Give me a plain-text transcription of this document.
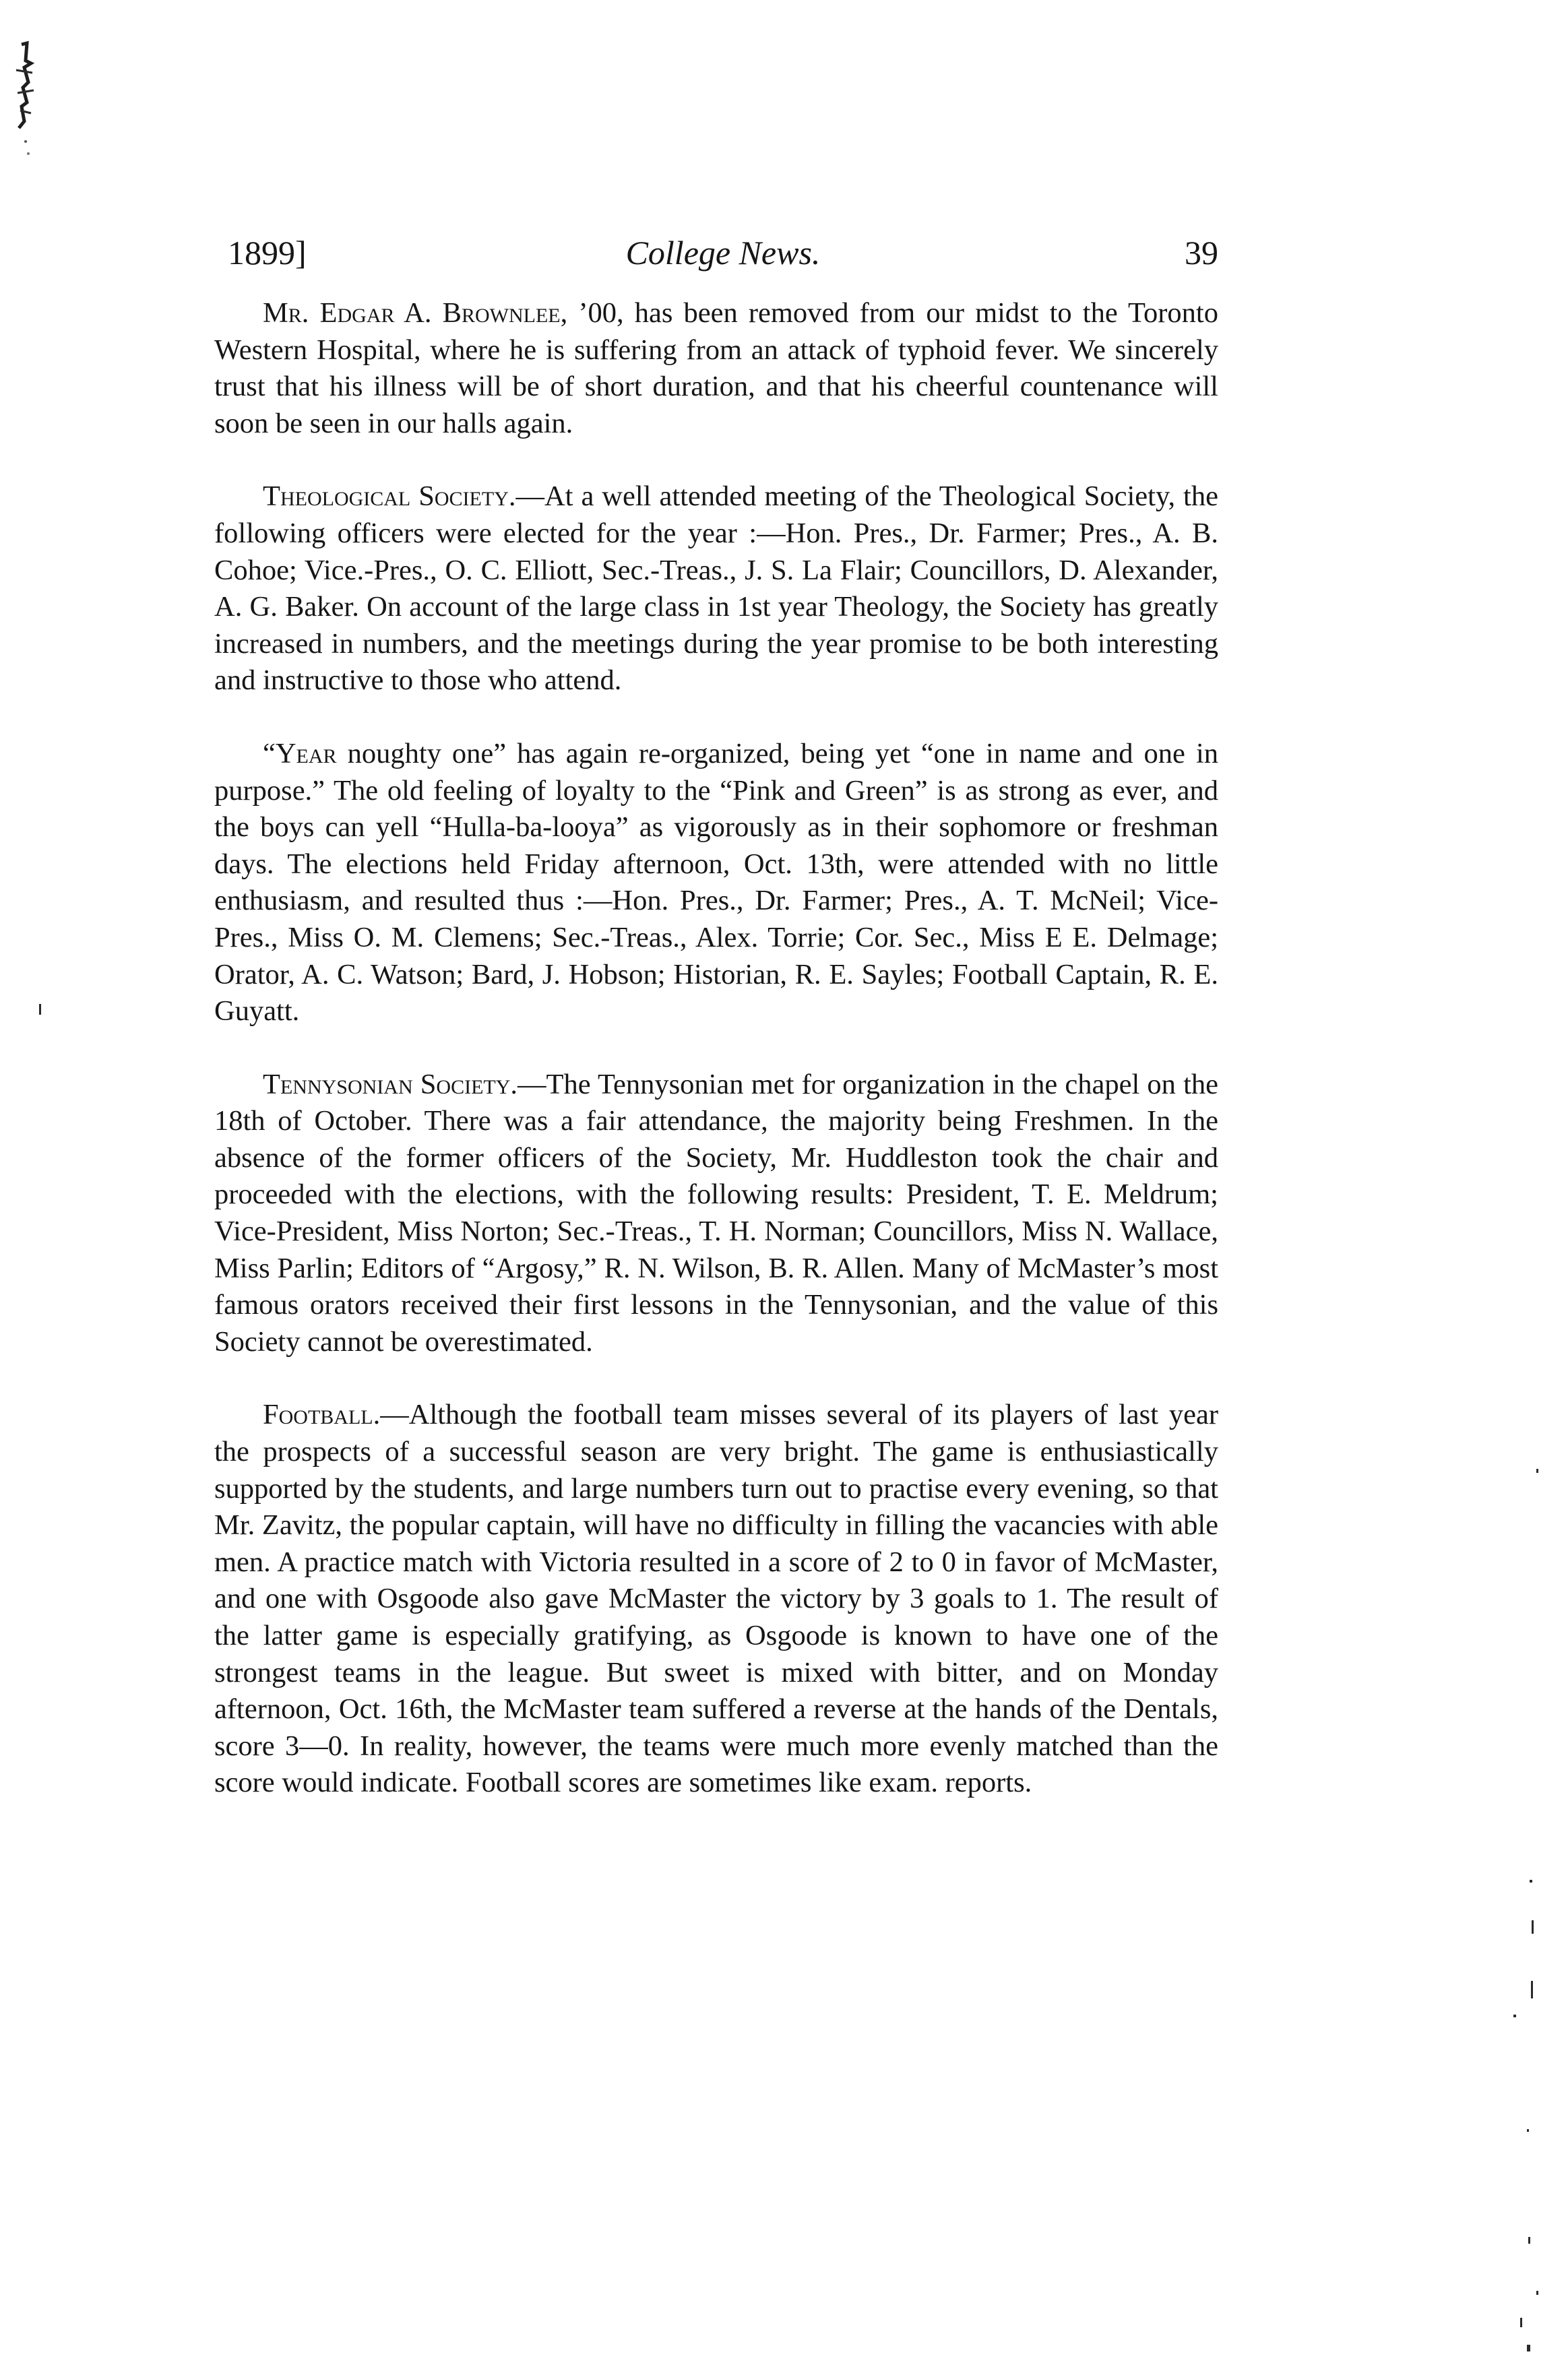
1899]	College News.	39

Mr. Edgar A. Brownlee, ’00, has been removed from our midst to the Toronto Western Hospital, where he is suffering from an attack of typhoid fever. We sincerely trust that his illness will be of short duration, and that his cheerful countenance will soon be seen in our halls again.

Theological Society.—At a well attended meeting of the Theological Society, the following officers were elected for the year :—Hon. Pres., Dr. Farmer; Pres., A. B. Cohoe; Vice.-Pres., O. C. Elliott, Sec.-Treas., J. S. La Flair; Councillors, D. Alexander, A. G. Baker. On account of the large class in 1st year Theology, the Society has greatly increased in numbers, and the meetings during the year promise to be both interesting and instructive to those who attend.

“Year noughty one” has again re-organized, being yet “one in name and one in purpose.” The old feeling of loyalty to the “Pink and Green” is as strong as ever, and the boys can yell “Hulla-ba-looya” as vigorously as in their sophomore or freshman days. The elections held Friday afternoon, Oct. 13th, were attended with no little enthusiasm, and resulted thus :—Hon. Pres., Dr. Farmer; Pres., A. T. McNeil; Vice-Pres., Miss O. M. Clemens; Sec.-Treas., Alex. Torrie; Cor. Sec., Miss E E. Delmage; Orator, A. C. Watson; Bard, J. Hobson; Historian, R. E. Sayles; Football Captain, R. E. Guyatt.

Tennysonian Society.—The Tennysonian met for organization in the chapel on the 18th of October. There was a fair attendance, the majority being Freshmen. In the absence of the former officers of the Society, Mr. Huddleston took the chair and proceeded with the elections, with the following results: President, T. E. Meldrum; Vice-President, Miss Norton; Sec.-Treas., T. H. Norman; Councillors, Miss N. Wallace, Miss Parlin; Editors of “Argosy,” R. N. Wilson, B. R. Allen. Many of McMaster’s most famous orators received their first lessons in the Tennysonian, and the value of this Society cannot be overestimated.

Football.—Although the football team misses several of its players of last year the prospects of a successful season are very bright. The game is enthusiastically supported by the students, and large numbers turn out to practise every evening, so that Mr. Zavitz, the popular captain, will have no difficulty in filling the vacancies with able men. A practice match with Victoria resulted in a score of 2 to 0 in favor of McMaster, and one with Osgoode also gave McMaster the victory by 3 goals to 1. The result of the latter game is especially gratifying, as Osgoode is known to have one of the strongest teams in the league. But sweet is mixed with bitter, and on Monday afternoon, Oct. 16th, the McMaster team suffered a reverse at the hands of the Dentals, score 3—0. In reality, however, the teams were much more evenly matched than the score would indicate. Football scores are sometimes like exam. reports.
